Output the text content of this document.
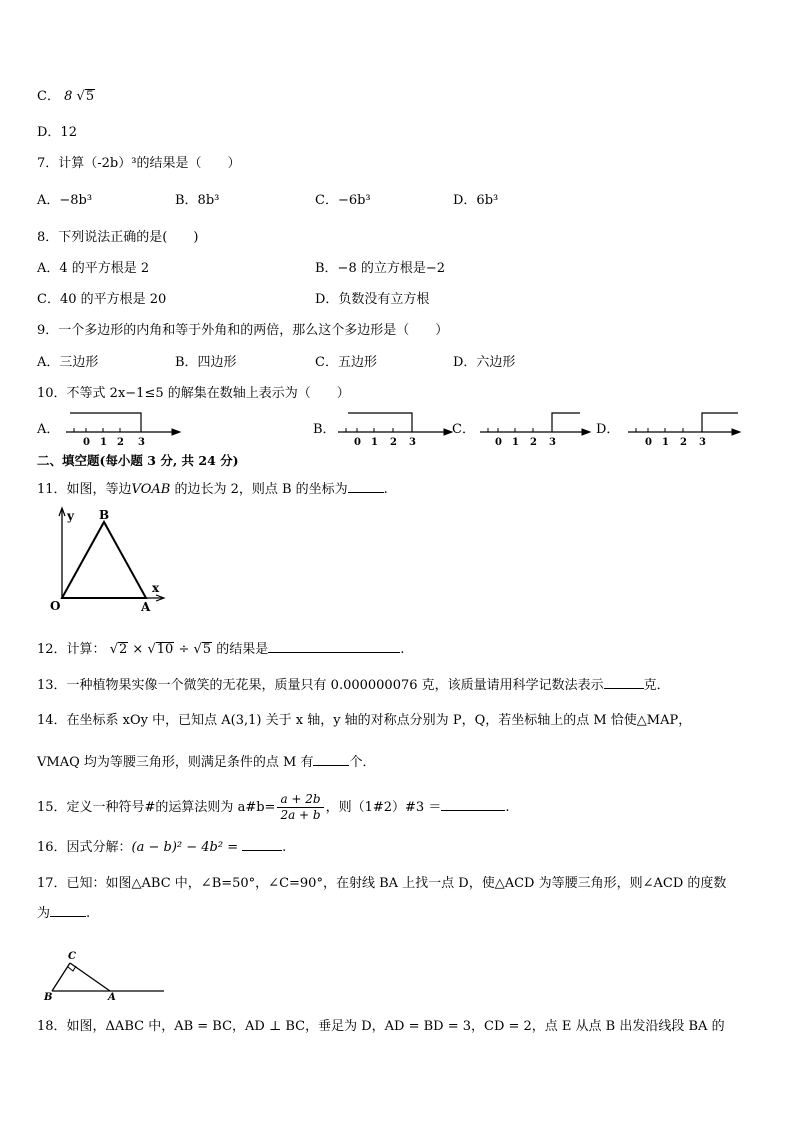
C． 8 √5
D．12
7．计算（-2b）³的结果是（　　）
A．−8b³	B．8b³	C．−6b³	D．6b³
8．下列说法正确的是(　　)
A．4 的平方根是 2	B．−8 的立方根是−2
C．40 的平方根是 20	D．负数没有立方根
9．一个多边形的内角和等于外角和的两倍，那么这个多边形是（　　）
A．三边形	B．四边形	C．五边形	D．六边形
10．不等式 2x−1≤5 的解集在数轴上表示为（　　）
A．	B．	C．	D．
0 1 2 3	0 1 2 3	0 1 2 3	0 1 2 3
y
x
B
O	A
C
B	A
二、填空题(每小题 3 分, 共 24 分)
11．如图，等边VOAB 的边长为 2，则点 B 的坐标为	.
12．计算： √2 × √10 ÷ √5 的结果是	.
13．一种植物果实像一个微笑的无花果，质量只有 0.000000076 克，该质量请用科学记数法表示	克．
14．在坐标系 xOy 中，已知点 A(3,1) 关于 x 轴，y 轴的对称点分别为 P，Q，若坐标轴上的点 M 恰使△MAP，
VMAQ 均为等腰三角形，则满足条件的点 M 有	个．
15．定义一种符号#的运算法则为 a#b= $\frac{a + 2b}{2a + b}$ ，则（1#2）#3 ＝	.
16．因式分解：(a − b)² − 4b² =	.
17．已知：如图△ABC 中，∠B=50°，∠C=90°，在射线 BA 上找一点 D，使△ACD 为等腰三角形，则∠ACD 的度数
为	.
18．如图，ΔABC 中，AB = BC，AD ⊥ BC，垂足为 D，AD = BD = 3，CD = 2，点 E 从点 B 出发沿线段 BA 的
